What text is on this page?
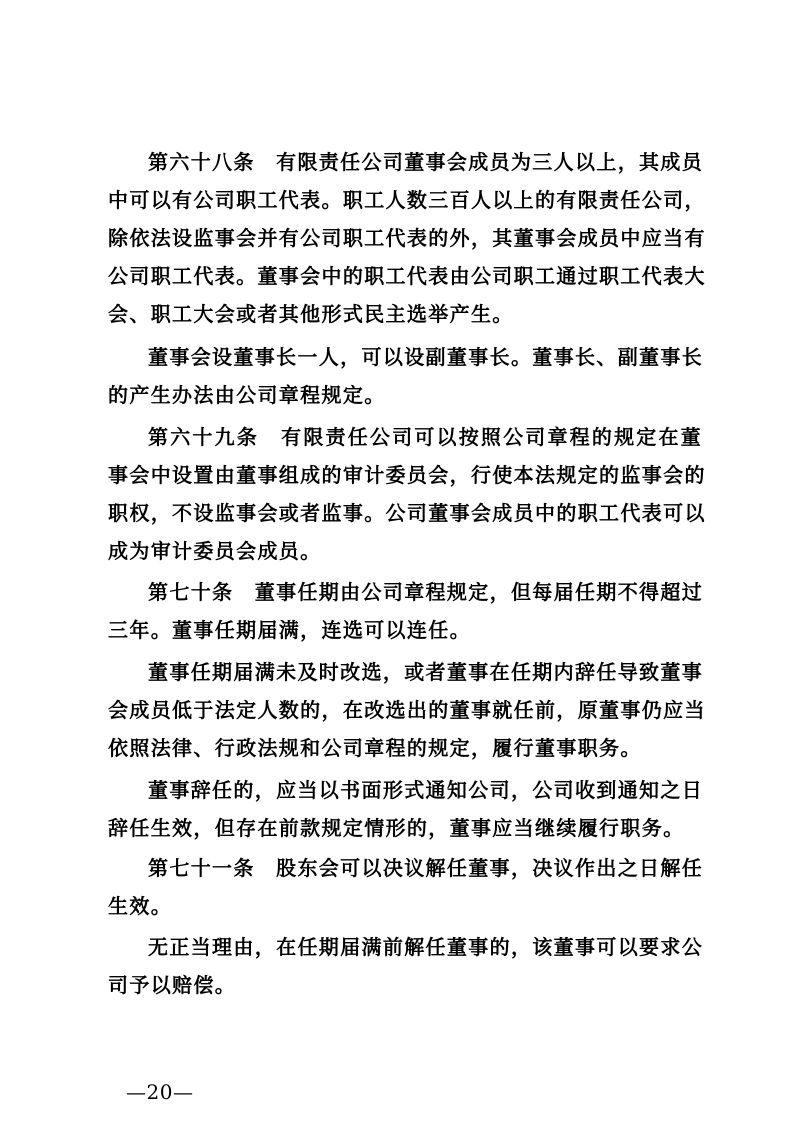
第六十八条　有限责任公司董事会成员为三人以上，其成员
中可以有公司职工代表。职工人数三百人以上的有限责任公司，
除依法设监事会并有公司职工代表的外，其董事会成员中应当有
公司职工代表。董事会中的职工代表由公司职工通过职工代表大
会、职工大会或者其他形式民主选举产生。
董事会设董事长一人，可以设副董事长。董事长、副董事长
的产生办法由公司章程规定。
第六十九条　有限责任公司可以按照公司章程的规定在董
事会中设置由董事组成的审计委员会，行使本法规定的监事会的
职权，不设监事会或者监事。公司董事会成员中的职工代表可以
成为审计委员会成员。
第七十条　董事任期由公司章程规定，但每届任期不得超过
三年。董事任期届满，连选可以连任。
董事任期届满未及时改选，或者董事在任期内辞任导致董事
会成员低于法定人数的，在改选出的董事就任前，原董事仍应当
依照法律、行政法规和公司章程的规定，履行董事职务。
董事辞任的，应当以书面形式通知公司，公司收到通知之日
辞任生效，但存在前款规定情形的，董事应当继续履行职务。
第七十一条　股东会可以决议解任董事，决议作出之日解任
生效。
无正当理由，在任期届满前解任董事的，该董事可以要求公
司予以赔偿。
—20—
